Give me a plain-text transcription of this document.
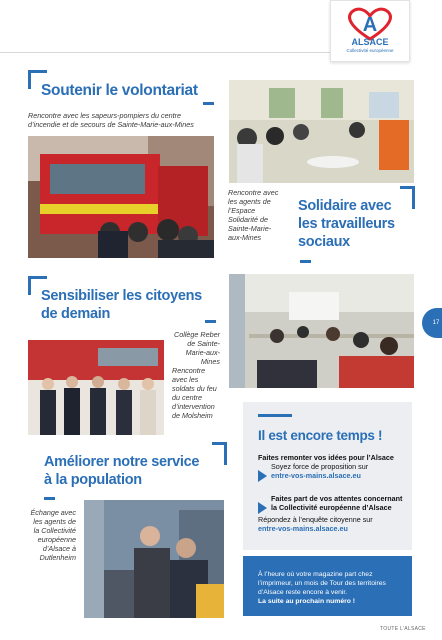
A
ALSACE
Collectivité européenne
Soutenir le volontariat
Rencontre avec les sapeurs-pompiers du centre d’incendie et de secours de Sainte-Marie-aux-Mines
Rencontre avec les agents de l’Espace Solidarité de Sainte-Marie-aux-Mines
Solidaire avec
les travailleurs
sociaux
Sensibiliser les citoyens
de demain
Collège Reber de Sainte-Marie-aux-Mines
Rencontre avec les soldats du feu du centre d’intervention de Molsheim
Améliorer notre service
à la population
Échange avec les agents de la Collectivité européenne d’Alsace à Dutlenheim
Il est encore temps !
Faites remonter vos idées pour l’Alsace
Soyez force de proposition sur
entre-vos-mains.alsace.eu
Faites part de vos attentes concernant la Collectivité européenne d’Alsace
Répondez à l’enquête citoyenne sur
entre-vos-mains.alsace.eu
À l’heure où votre magazine part chez l’imprimeur, un mois de Tour des territoires d’Alsace reste encore à venir.
La suite au prochain numéro !
17
TOUTE L’ALSACE
